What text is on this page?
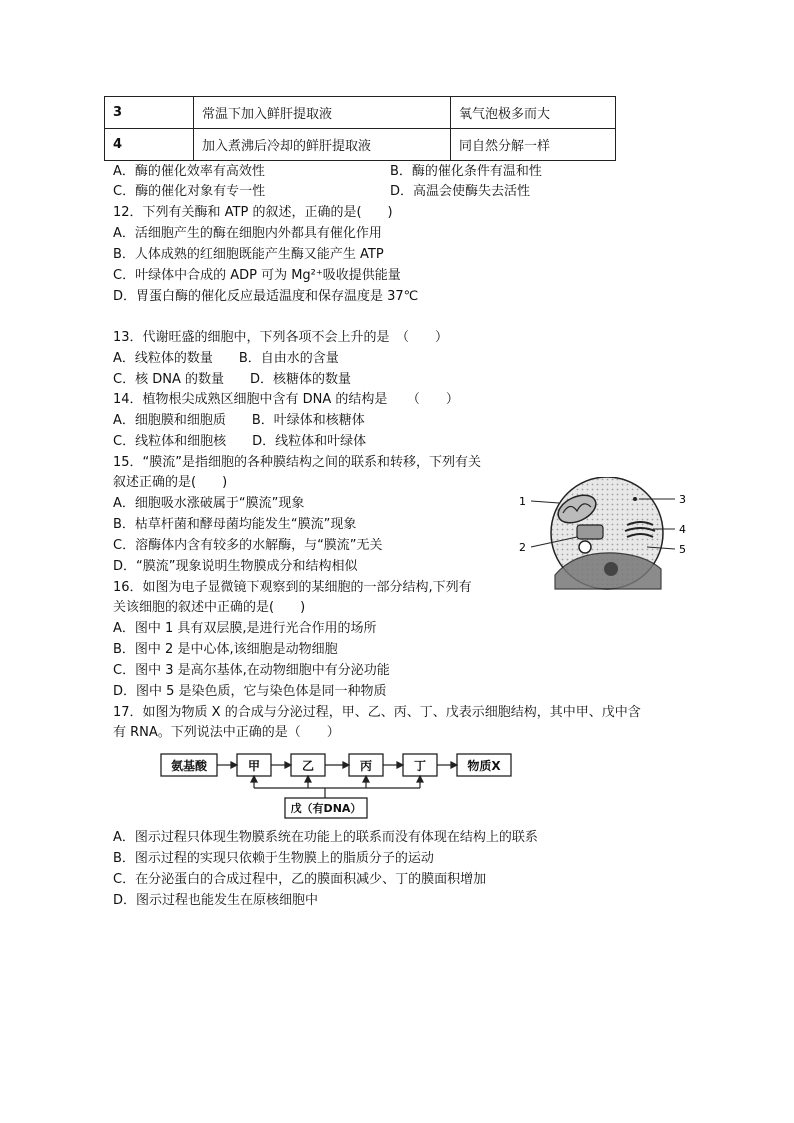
3	常温下加入鲜肝提取液	氧气泡极多而大
4	加入煮沸后冷却的鲜肝提取液	同自然分解一样
A．酶的催化效率有高效性	B．酶的催化条件有温和性
C．酶的催化对象有专一性	D．高温会使酶失去活性
12．下列有关酶和 ATP 的叙述，正确的是(　　)
A．活细胞产生的酶在细胞内外都具有催化作用
B．人体成熟的红细胞既能产生酶又能产生 ATP
C．叶绿体中合成的 ADP 可为 Mg²⁺吸收提供能量
D．胃蛋白酶的催化反应最适温度和保存温度是 37℃
13．代谢旺盛的细胞中，下列各项不会上升的是　（　　）
A．线粒体的数量　　B．自由水的含量
C．核 DNA 的数量　　D．核糖体的数量
14．植物根尖成熟区细胞中含有 DNA 的结构是　　（　　）
A．细胞膜和细胞质　　B．叶绿体和核糖体
C．线粒体和细胞核　　D．线粒体和叶绿体
15．“膜流”是指细胞的各种膜结构之间的联系和转移，下列有关
叙述正确的是(　　)
A．细胞吸水涨破属于“膜流”现象
B．枯草杆菌和酵母菌均能发生“膜流”现象
C．溶酶体内含有较多的水解酶，与“膜流”无关
D．“膜流”现象说明生物膜成分和结构相似
16．如图为电子显微镜下观察到的某细胞的一部分结构,下列有
关该细胞的叙述中正确的是(　　)
A．图中 1 具有双层膜,是进行光合作用的场所
B．图中 2 是中心体,该细胞是动物细胞
C．图中 3 是高尔基体,在动物细胞中有分泌功能
D．图中 5 是染色质，它与染色体是同一种物质
1
2
3
4
5
17．如图为物质 X 的合成与分泌过程，甲、乙、丙、丁、戊表示细胞结构，其中甲、戊中含
有 RNA。下列说法中正确的是（　　）
氨基酸	甲	乙	丙	丁	物质X
戊（有DNA）
A．图示过程只体现生物膜系统在功能上的联系而没有体现在结构上的联系
B．图示过程的实现只依赖于生物膜上的脂质分子的运动
C．在分泌蛋白的合成过程中，乙的膜面积减少、丁的膜面积增加
D．图示过程也能发生在原核细胞中
